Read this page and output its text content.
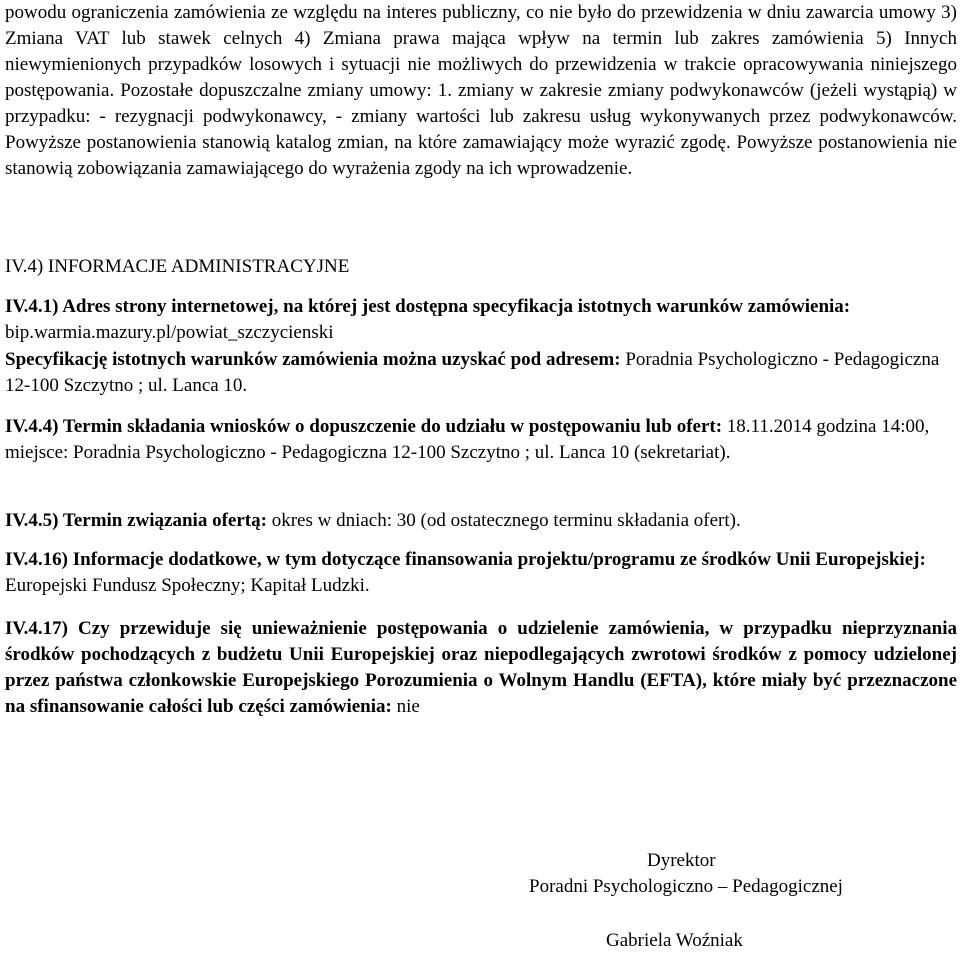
powodu ograniczenia zamówienia ze względu na interes publiczny, co nie było do przewidzenia w dniu zawarcia umowy 3) Zmiana VAT lub stawek celnych 4) Zmiana prawa mająca wpływ na termin lub zakres zamówienia 5) Innych niewymienionych przypadków losowych i sytuacji nie możliwych do przewidzenia w trakcie opracowywania niniejszego postępowania. Pozostałe dopuszczalne zmiany umowy: 1. zmiany w zakresie zmiany podwykonawców (jeżeli wystąpią) w przypadku: - rezygnacji podwykonawcy, - zmiany wartości lub zakresu usług wykonywanych przez podwykonawców. Powyższe postanowienia stanowią katalog zmian, na które zamawiający może wyrazić zgodę. Powyższe postanowienia nie stanowią zobowiązania zamawiającego do wyrażenia zgody na ich wprowadzenie.

IV.4) INFORMACJE ADMINISTRACYJNE

IV.4.1) Adres strony internetowej, na której jest dostępna specyfikacja istotnych warunków zamówienia: bip.warmia.mazury.pl/powiat_szczycienski

Specyfikację istotnych warunków zamówienia można uzyskać pod adresem: Poradnia Psychologiczno - Pedagogiczna 12-100 Szczytno ; ul. Lanca 10.

IV.4.4) Termin składania wniosków o dopuszczenie do udziału w postępowaniu lub ofert: 18.11.2014 godzina 14:00, miejsce: Poradnia Psychologiczno - Pedagogiczna 12-100 Szczytno ; ul. Lanca 10 (sekretariat).

IV.4.5) Termin związania ofertą: okres w dniach: 30 (od ostatecznego terminu składania ofert).

IV.4.16) Informacje dodatkowe, w tym dotyczące finansowania projektu/programu ze środków Unii Europejskiej: Europejski Fundusz Społeczny; Kapitał Ludzki.

IV.4.17) Czy przewiduje się unieważnienie postępowania o udzielenie zamówienia, w przypadku nieprzyznania środków pochodzących z budżetu Unii Europejskiej oraz niepodlegających zwrotowi środków z pomocy udzielonej przez państwa członkowskie Europejskiego Porozumienia o Wolnym Handlu (EFTA), które miały być przeznaczone na sfinansowanie całości lub części zamówienia: nie

Dyrektor
Poradni Psychologiczno – Pedagogicznej
Gabriela Woźniak
